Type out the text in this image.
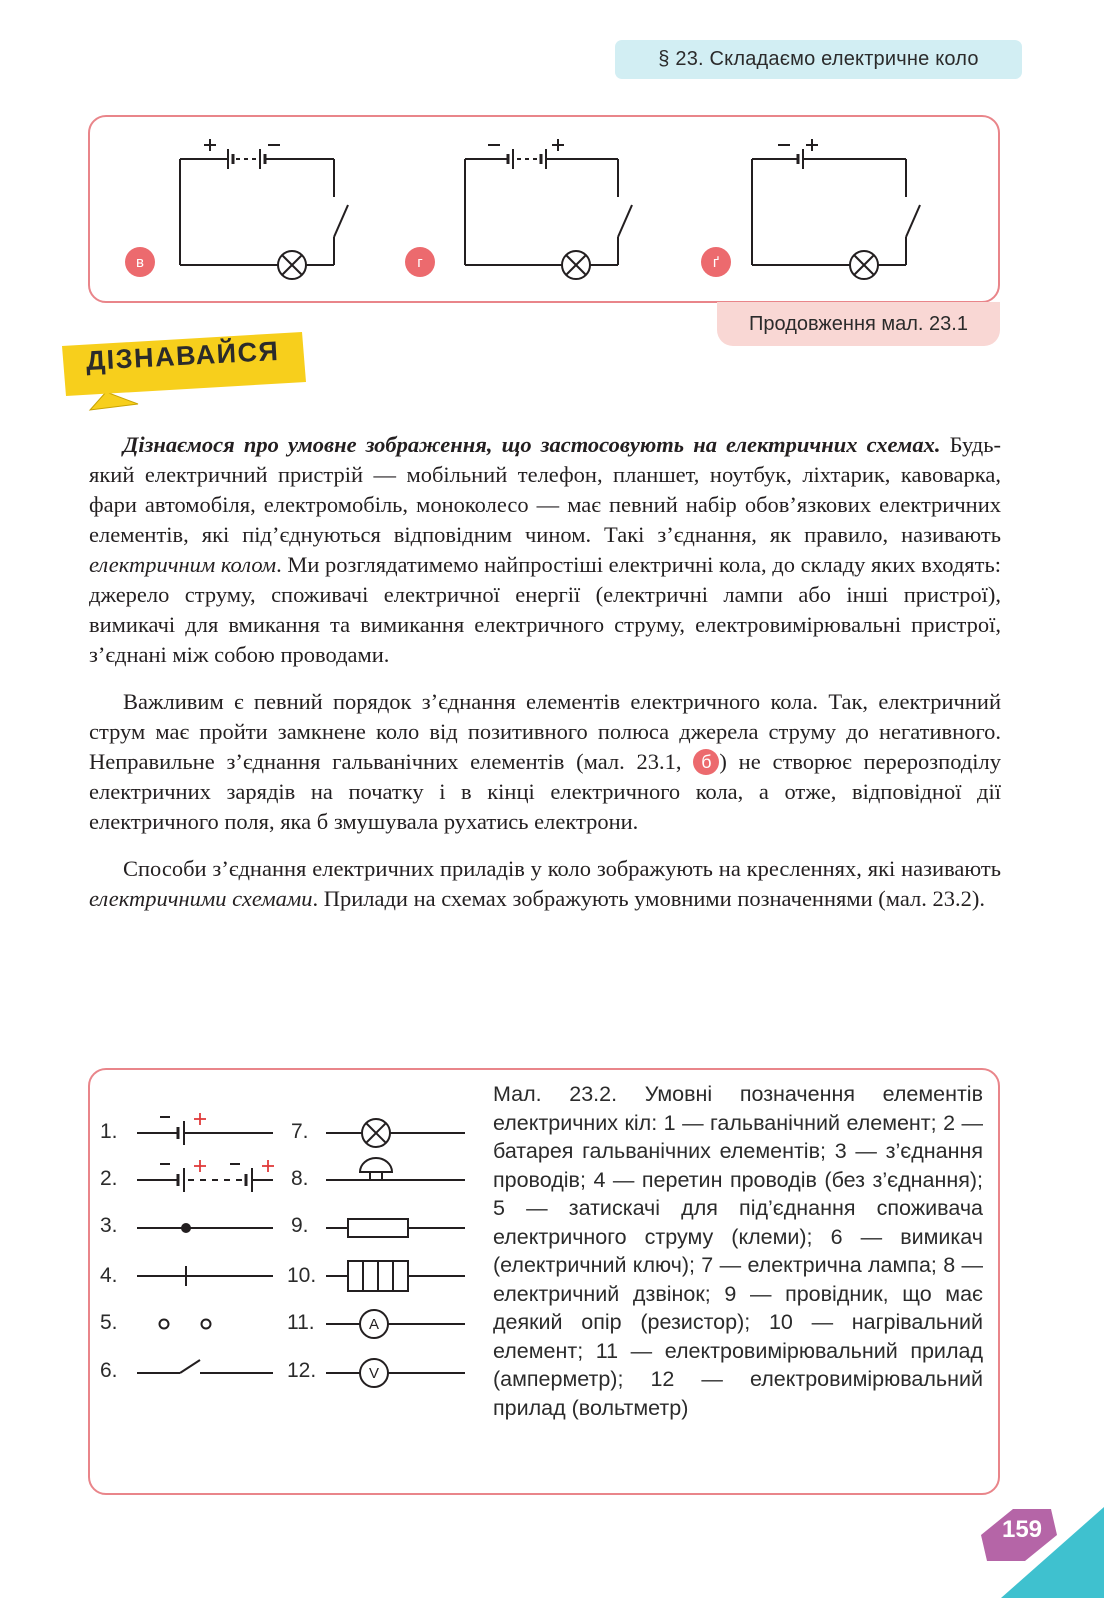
§ 23. Складаємо електричне коло
в	г	ґ
Продовження мал. 23.1
ДІЗНАВАЙСЯ

Дізнаємося про умовне зображення, що застосовують на електричних схемах. Будь-який електричний пристрій — мобільний телефон, планшет, ноутбук, ліхтарик, кавоварка, фари автомобіля, електромобіль, моноколесо — має певний набір обов’язкових електричних елементів, які під’єднуються відповідним чином. Такі з’єднання, як правило, називають електричним колом. Ми розглядатимемо найпростіші електричні кола, до складу яких входять: джерело струму, споживачі електричної енергії (електричні лампи або інші пристрої), вимикачі для вмикання та вимикання електричного струму, електровимірювальні пристрої, з’єднані між собою проводами.

Важливим є певний порядок з’єднання елементів електричного кола. Так, електричний струм має пройти замкнене коло від позитивного полюса джерела струму до негативного. Неправильне з’єднання гальванічних елементів (мал. 23.1, б ) не створює перерозподілу електричних зарядів на початку і в кінці електричного кола, а отже, відповідної дії електричного поля, яка б змушувала рухатись електрони.

Способи з’єднання електричних приладів у коло зображують на кресленнях, які називають електричними схемами. Прилади на схемах зображують умовними позначеннями (мал. 23.2).

1.
2.
3.
4.
5.
6.
7.
8.
9.
10.
11.
12.
A
V
Мал. 23.2. Умовні позначення елементів електричних кіл: 1 — гальванічний елемент; 2 — батарея гальванічних елементів; 3 — з’єднання проводів; 4 — перетин проводів (без з’єднання); 5 — затискачі для під’єднання споживача електричного струму (клеми); 6 — вимикач (електричний ключ); 7 — електрична лампа; 8 — електричний дзвінок; 9 — провідник, що має деякий опір (резистор); 10 — нагрівальний елемент; 11 — електровимірювальний прилад (амперметр); 12 — електровимірювальний прилад (вольтметр)
159
